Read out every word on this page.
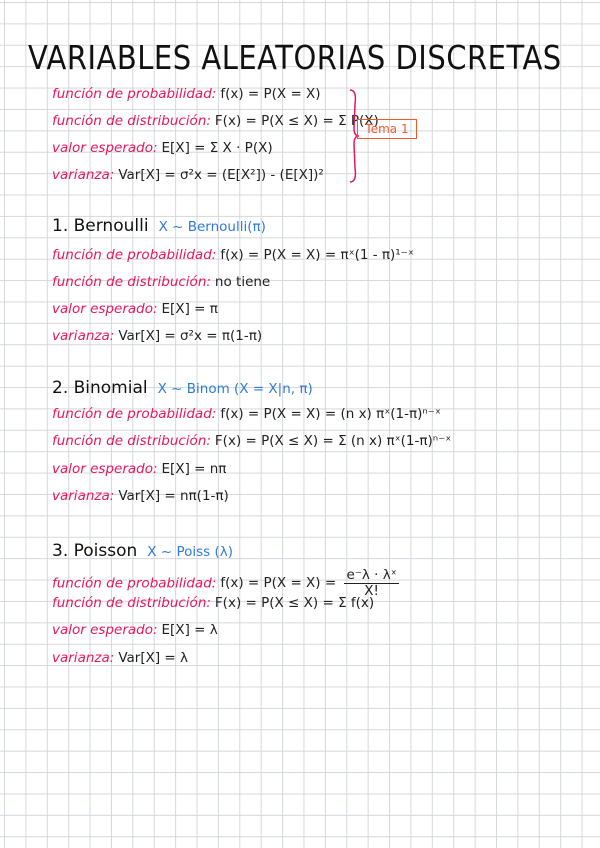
VARIABLES ALEATORIAS DISCRETAS
función de probabilidad: f(x) = P(X = X)
función de distribución: F(x) = P(X ≤ X) = Σ P(X)
valor esperado: E[X] = Σ X · P(X)
varianza: Var[X] = σ²x = (E[X²]) - (E[X])²
Tema 1
1. Bernoulli X ~ Bernoulli(π)
función de probabilidad: f(x) = P(X = X) = πˣ(1 - π)¹⁻ˣ
función de distribución: no tiene
valor esperado: E[X] = π
varianza: Var[X] = σ²x = π(1-π)
2. Binomial X ~ Binom (X = X|n, π)
función de probabilidad: f(x) = P(X = X) = (n x) πˣ(1-π)ⁿ⁻ˣ
función de distribución: F(x) = P(X ≤ X) = Σ (n x) πˣ(1-π)ⁿ⁻ˣ
valor esperado: E[X] = nπ
varianza: Var[X] = nπ(1-π)
3. Poisson X ~ Poiss (λ)
función de probabilidad: $f(x) = P(X = X) = \frac{\text{e⁻λ · λˣ}}{X!}$
función de distribución: F(x) = P(X ≤ X) = Σ f(x)
valor esperado: E[X] = λ
varianza: Var[X] = λ
